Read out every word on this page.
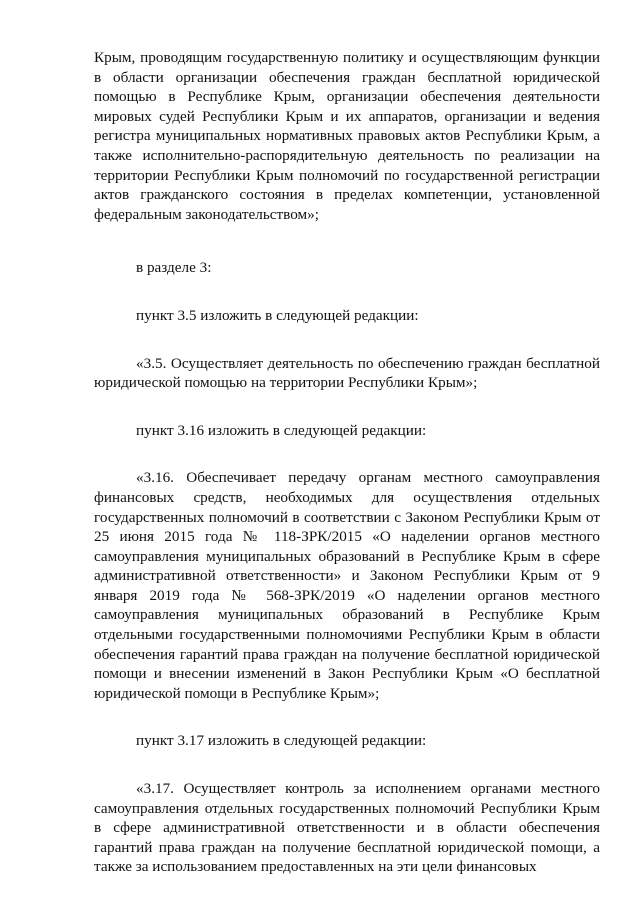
Крым, проводящим государственную политику и осуществляющим функции в области организации обеспечения граждан бесплатной юридической помощью в Республике Крым, организации обеспечения деятельности мировых судей Республики Крым и их аппаратов, организации и ведения регистра муниципальных нормативных правовых актов Республики Крым, а также исполнительно-распорядительную деятельность по реализации на территории Республики Крым полномочий по государственной регистрации актов гражданского состояния в пределах компетенции, установленной федеральным законодательством»;

в разделе 3:

пункт 3.5 изложить в следующей редакции:

«3.5. Осуществляет деятельность по обеспечению граждан бесплатной юридической помощью на территории Республики Крым»;

пункт 3.16 изложить в следующей редакции:

«3.16. Обеспечивает передачу органам местного самоуправления финансовых средств, необходимых для осуществления отдельных государственных полномочий в соответствии с Законом Республики Крым от 25 июня 2015 года № 118-ЗРК/2015 «О наделении органов местного самоуправления муниципальных образований в Республике Крым в сфере административной ответственности» и Законом Республики Крым от 9 января 2019 года № 568-ЗРК/2019 «О наделении органов местного самоуправления муниципальных образований в Республике Крым отдельными государственными полномочиями Республики Крым в области обеспечения гарантий права граждан на получение бесплатной юридической помощи и внесении изменений в Закон Республики Крым «О бесплатной юридической помощи в Республике Крым»;

пункт 3.17 изложить в следующей редакции:

«3.17. Осуществляет контроль за исполнением органами местного самоуправления отдельных государственных полномочий Республики Крым в сфере административной ответственности и в области обеспечения гарантий права граждан на получение бесплатной юридической помощи, а также за использованием предоставленных на эти цели финансовых
